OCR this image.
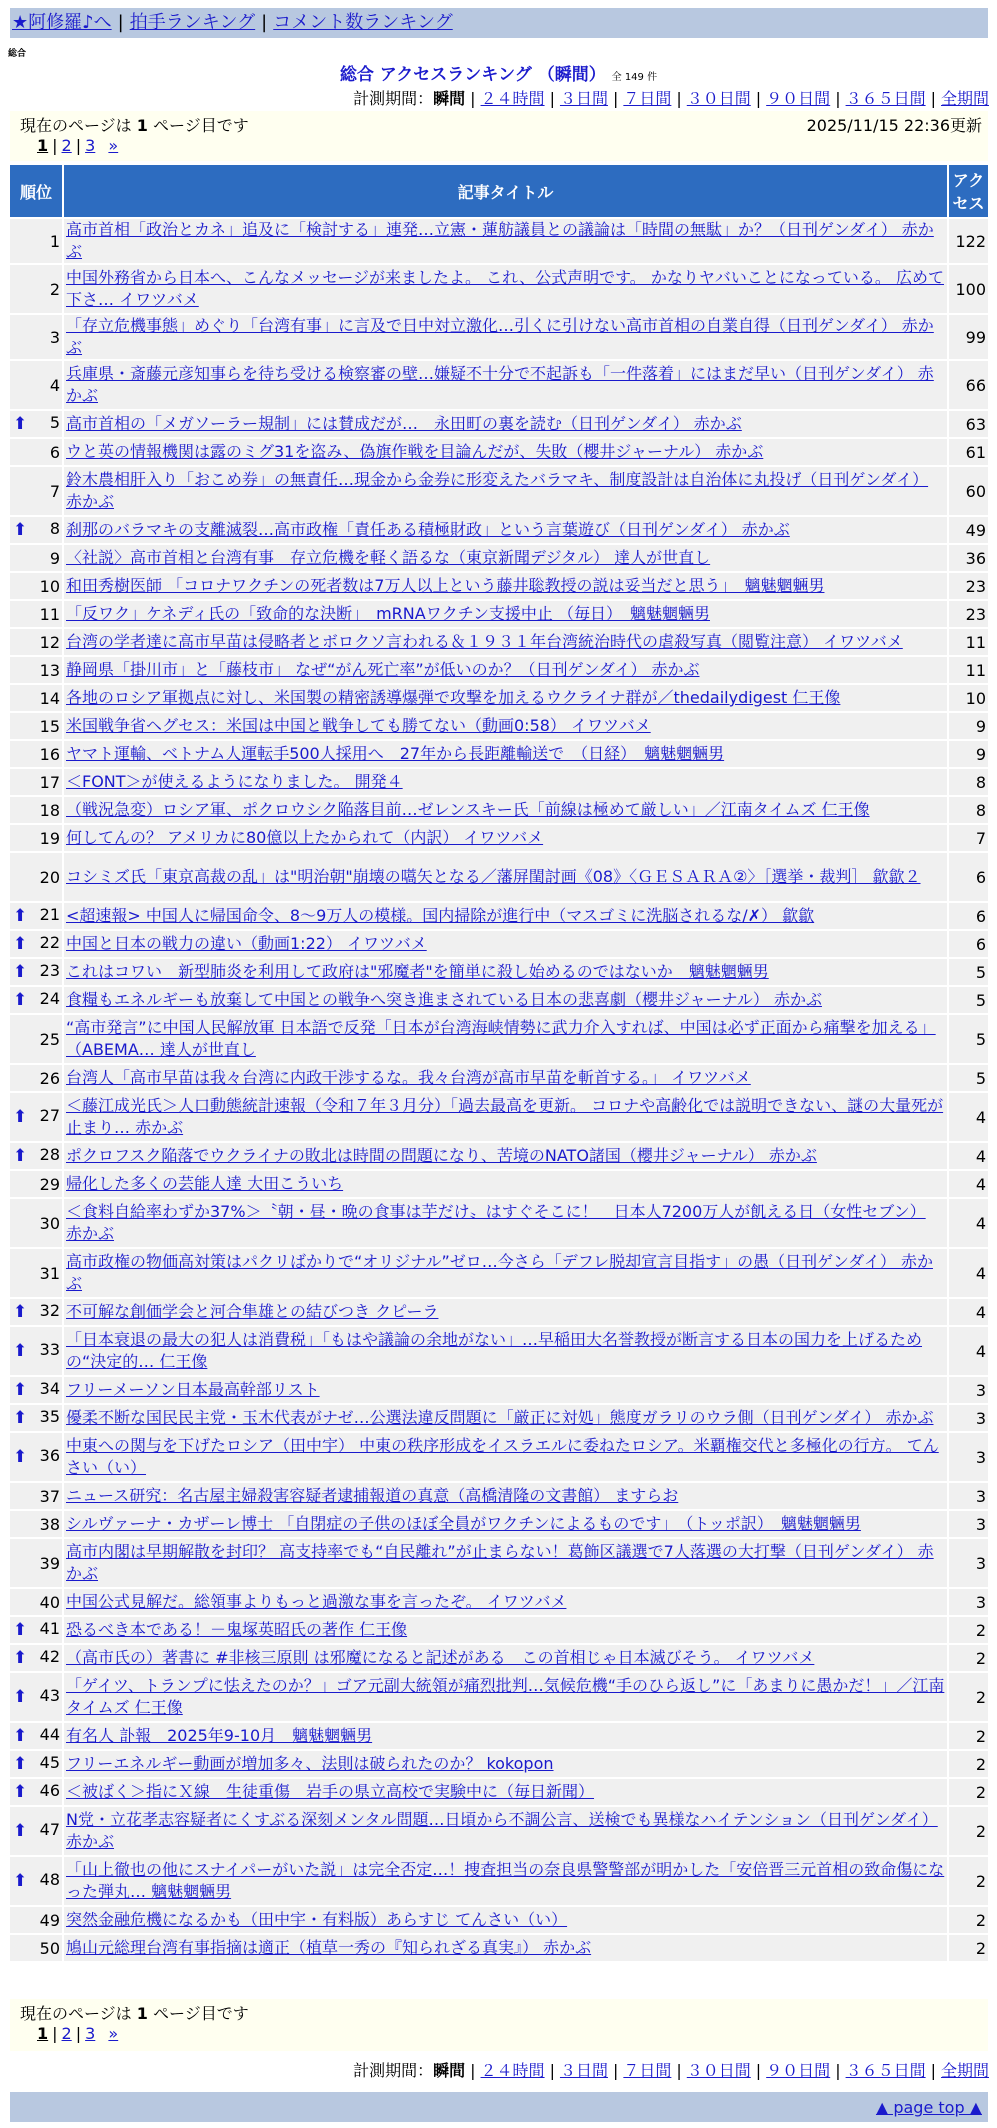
★阿修羅♪へ | 拍手ランキング | コメント数ランキング
総合
総合 アクセスランキング （瞬間） 全 149 件
計測期間：瞬間 | ２４時間 | ３日間 | ７日間 | ３０日間 | ９０日間 | ３６５日間 | 全期間
現在のページは 1 ページ目です	2025/11/15 22:36更新
1 | 2 | 3 »
順位	記事タイトル	アクセス
1	高市首相「政治とカネ」追及に「検討する」連発…立憲・蓮舫議員との議論は「時間の無駄」か？（日刊ゲンダイ） 赤かぶ	122
2	中国外務省から日本へ、こんなメッセージが来ましたよ。 これ、公式声明です。 かなりヤバいことになっている。 広めて下さ… イワツバメ	100
3	「存立危機事態」めぐり「台湾有事」に言及で日中対立激化…引くに引けない高市首相の自業自得（日刊ゲンダイ） 赤かぶ	99
4	兵庫県・斎藤元彦知事らを待ち受ける検察審の壁…嫌疑不十分で不起訴も「一件落着」にはまだ早い（日刊ゲンダイ） 赤かぶ	66

⬆ 5	高市首相の「メガソーラー規制」には賛成だが…　永田町の裏を読む（日刊ゲンダイ） 赤かぶ	63
6	ウと英の情報機関は露のミグ31を盗み、偽旗作戦を目論んだが、失敗（櫻井ジャーナル） 赤かぶ	61
7	鈴木農相肝入り「おこめ券」の無責任…現金から金券に形変えたバラマキ、制度設計は自治体に丸投げ（日刊ゲンダイ） 赤かぶ	60

⬆ 8	刹那のバラマキの支離滅裂…高市政権「責任ある積極財政」という言葉遊び（日刊ゲンダイ） 赤かぶ	49
9	〈社説〉高市首相と台湾有事　存立危機を軽く語るな（東京新聞デジタル） 達人が世直し	36
10	和田秀樹医師 「コロナワクチンの死者数は7万人以上という藤井聡教授の説は妥当だと思う」　魑魅魍魎男	23
11	「反ワク」ケネディ氏の「致命的な決断」　mRNAワクチン支援中止 （毎日）　魑魅魍魎男	23
12	台湾の学者達に高市早苗は侵略者とボロクソ言われる＆１９３１年台湾統治時代の虐殺写真（閲覧注意） イワツバメ	11
13	静岡県「掛川市」と「藤枝市」 なぜ“がん死亡率”が低いのか？（日刊ゲンダイ） 赤かぶ	11
14	各地のロシア軍拠点に対し、米国製の精密誘導爆弾で攻撃を加えるウクライナ群が／thedailydigest 仁王像	10
15	米国戦争省ヘグセス：米国は中国と戦争しても勝てない（動画0:58） イワツバメ	9
16	ヤマト運輸、ベトナム人運転手500人採用へ　27年から長距離輸送で　（日経）　魑魅魍魎男	9
17	＜FONT＞が使えるようになりました。 開発４	8
18	（戦況急変）ロシア軍、ポクロウシク陥落目前…ゼレンスキー氏「前線は極めて厳しい」／江南タイムズ 仁王像	8
19	何してんの？ アメリカに80億以上たかられて（内訳） イワツバメ	7
20	コシミズ氏「東京高裁の乱」は"明治朝"崩壊の嚆矢となる／藩屏閨討画《08》〈ＧＥＳＡＲＡ②〉［選挙・裁判］ 歙歙２	6

⬆ 21	<超速報> 中国人に帰国命令、8～9万人の模様。国内掃除が進行中（マスゴミに洗脳されるな/✗） 歙歙	6

⬆ 22	中国と日本の戦力の違い（動画1:22） イワツバメ	6

⬆ 23	これはコワい　新型肺炎を利用して政府は"邪魔者"を簡単に殺し始めるのではないか　魑魅魍魎男	5

⬆ 24	食糧もエネルギーも放棄して中国との戦争へ突き進まされている日本の悲喜劇（櫻井ジャーナル） 赤かぶ	5
25	“高市発言”に中国人民解放軍 日本語で反発「日本が台湾海峡情勢に武力介入すれば、中国は必ず正面から痛撃を加える」（ABEMA… 達人が世直し	5
26	台湾人「高市早苗は我々台湾に内政干渉するな。我々台湾が高市早苗を斬首する。」 イワツバメ	5

⬆ 27	＜藤江成光氏＞人口動態統計速報（令和７年３月分）「過去最高を更新。 コロナや高齢化では説明できない、謎の大量死が止まり… 赤かぶ	4

⬆ 28	ポクロフスク陥落でウクライナの敗北は時間の問題になり、苦境のNATO諸国（櫻井ジャーナル） 赤かぶ	4
29	帰化した多くの芸能人達 大田こういち	4
30	＜食料自給率わずか37%＞〝朝・昼・晩の食事は芋だけ〟はすぐそこに！　日本人7200万人が飢える日（女性セブン） 赤かぶ	4
31	高市政権の物価高対策はパクリばかりで“オリジナル”ゼロ…今さら「デフレ脱却宣言目指す」の愚（日刊ゲンダイ） 赤かぶ	4

⬆ 32	不可解な創価学会と河合隼雄との結びつき クピーラ	4

⬆ 33	「日本衰退の最大の犯人は消費税」「もはや議論の余地がない」…早稲田大名誉教授が断言する日本の国力を上げるための“決定的… 仁王像	4

⬆ 34	フリーメーソン日本最高幹部リスト	3

⬆ 35	優柔不断な国民民主党・玉木代表がナゼ…公選法違反問題に「厳正に対処」態度ガラリのウラ側（日刊ゲンダイ） 赤かぶ	3

⬆ 36	中東への関与を下げたロシア（田中宇） 中東の秩序形成をイスラエルに委ねたロシア。米覇権交代と多極化の行方。 てんさい（い）	3
37	ニュース研究：名古屋主婦殺害容疑者逮捕報道の真意（高橋清隆の文書館） ますらお	3
38	シルヴァーナ・カザーレ博士 「自閉症の子供のほぼ全員がワクチンによるものです」　（トッポ訳）　魑魅魍魎男	3
39	高市内閣は早期解散を封印？ 高支持率でも“自民離れ”が止まらない！葛飾区議選で7人落選の大打撃（日刊ゲンダイ） 赤かぶ	3
40	中国公式見解だ。総領事よりもっと過激な事を言ったぞ。 イワツバメ	3

⬆ 41	恐るべき本である！－鬼塚英昭氏の著作 仁王像	2

⬆ 42	（高市氏の）著書に #非核三原則 は邪魔になると記述がある　この首相じゃ日本滅びそう。 イワツバメ	2

⬆ 43	「ゲイツ、トランプに怯えたのか？」ゴア元副大統領が痛烈批判…気候危機“手のひら返し”に「あまりに愚かだ！」／江南タイムズ 仁王像	2

⬆ 44	有名人 訃報　2025年9-10月　魑魅魍魎男	2

⬆ 45	フリーエネルギー動画が増加多々、法則は破られたのか？ kokopon	2

⬆ 46	＜被ばく＞指にＸ線　生徒重傷　岩手の県立高校で実験中に（毎日新聞）	2

⬆ 47	N党・立花孝志容疑者にくすぶる深刻メンタル問題…日頃から不調公言、送検でも異様なハイテンション（日刊ゲンダイ） 赤かぶ	2

⬆ 48	「山上徹也の他にスナイパーがいた説」は完全否定…！捜査担当の奈良県警警部が明かした「安倍晋三元首相の致命傷になった弾丸… 魑魅魍魎男	2
49	突然金融危機になるかも（田中宇・有料版）あらすじ てんさい（い）	2
50	鳩山元総理台湾有事指摘は適正（植草一秀の『知られざる真実』） 赤かぶ	2
現在のページは 1 ページ目です
1 | 2 | 3 »
計測期間：瞬間 | ２４時間 | ３日間 | ７日間 | ３０日間 | ９０日間 | ３６５日間 | 全期間
▲ page top ▲
